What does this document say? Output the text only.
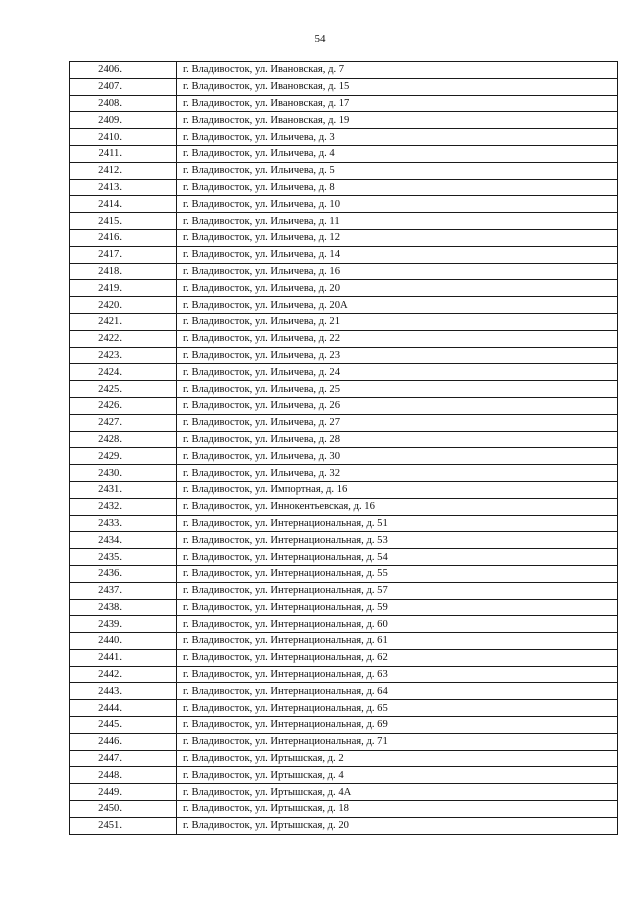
54
2406.	г. Владивосток, ул. Ивановская, д. 7
2407.	г. Владивосток, ул. Ивановская, д. 15
2408.	г. Владивосток, ул. Ивановская, д. 17
2409.	г. Владивосток, ул. Ивановская, д. 19
2410.	г. Владивосток, ул. Ильичева, д. 3
2411.	г. Владивосток, ул. Ильичева, д. 4
2412.	г. Владивосток, ул. Ильичева, д. 5
2413.	г. Владивосток, ул. Ильичева, д. 8
2414.	г. Владивосток, ул. Ильичева, д. 10
2415.	г. Владивосток, ул. Ильичева, д. 11
2416.	г. Владивосток, ул. Ильичева, д. 12
2417.	г. Владивосток, ул. Ильичева, д. 14
2418.	г. Владивосток, ул. Ильичева, д. 16
2419.	г. Владивосток, ул. Ильичева, д. 20
2420.	г. Владивосток, ул. Ильичева, д. 20А
2421.	г. Владивосток, ул. Ильичева, д. 21
2422.	г. Владивосток, ул. Ильичева, д. 22
2423.	г. Владивосток, ул. Ильичева, д. 23
2424.	г. Владивосток, ул. Ильичева, д. 24
2425.	г. Владивосток, ул. Ильичева, д. 25
2426.	г. Владивосток, ул. Ильичева, д. 26
2427.	г. Владивосток, ул. Ильичева, д. 27
2428.	г. Владивосток, ул. Ильичева, д. 28
2429.	г. Владивосток, ул. Ильичева, д. 30
2430.	г. Владивосток, ул. Ильичева, д. 32
2431.	г. Владивосток, ул. Импортная, д. 16
2432.	г. Владивосток, ул. Иннокентьевская, д. 16
2433.	г. Владивосток, ул. Интернациональная, д. 51
2434.	г. Владивосток, ул. Интернациональная, д. 53
2435.	г. Владивосток, ул. Интернациональная, д. 54
2436.	г. Владивосток, ул. Интернациональная, д. 55
2437.	г. Владивосток, ул. Интернациональная, д. 57
2438.	г. Владивосток, ул. Интернациональная, д. 59
2439.	г. Владивосток, ул. Интернациональная, д. 60
2440.	г. Владивосток, ул. Интернациональная, д. 61
2441.	г. Владивосток, ул. Интернациональная, д. 62
2442.	г. Владивосток, ул. Интернациональная, д. 63
2443.	г. Владивосток, ул. Интернациональная, д. 64
2444.	г. Владивосток, ул. Интернациональная, д. 65
2445.	г. Владивосток, ул. Интернациональная, д. 69
2446.	г. Владивосток, ул. Интернациональная, д. 71
2447.	г. Владивосток, ул. Иртышская, д. 2
2448.	г. Владивосток, ул. Иртышская, д. 4
2449.	г. Владивосток, ул. Иртышская, д. 4А
2450.	г. Владивосток, ул. Иртышская, д. 18
2451.	г. Владивосток, ул. Иртышская, д. 20
